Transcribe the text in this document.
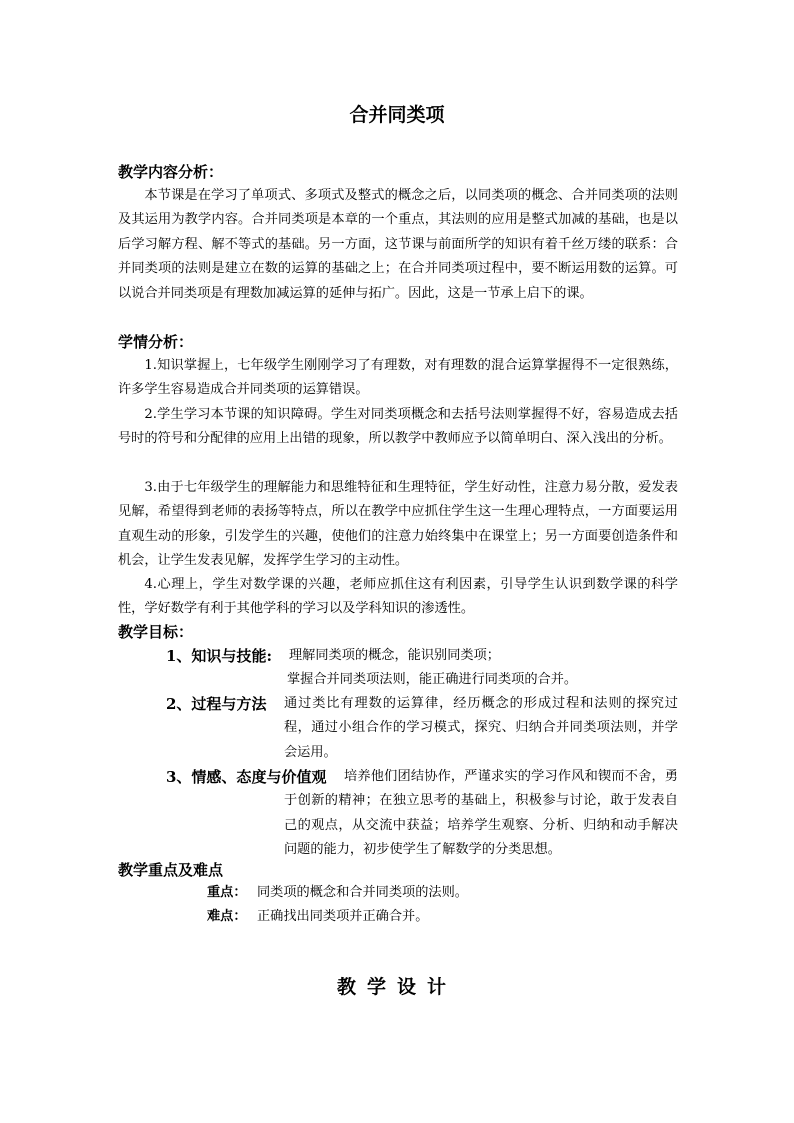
合并同类项
教学内容分析：

本节课是在学习了单项式、多项式及整式的概念之后，以同类项的概念、合并同类项的法则及其运用为教学内容。合并同类项是本章的一个重点，其法则的应用是整式加减的基础，也是以后学习解方程、解不等式的基础。另一方面，这节课与前面所学的知识有着千丝万缕的联系：合并同类项的法则是建立在数的运算的基础之上；在合并同类项过程中，要不断运用数的运算。可以说合并同类项是有理数加减运算的延伸与拓广。因此，这是一节承上启下的课。

学情分析：

1.知识掌握上，七年级学生刚刚学习了有理数，对有理数的混合运算掌握得不一定很熟练，许多学生容易造成合并同类项的运算错误。

2.学生学习本节课的知识障碍。学生对同类项概念和去括号法则掌握得不好，容易造成去括号时的符号和分配律的应用上出错的现象，所以教学中教师应予以简单明白、深入浅出的分析。

3.由于七年级学生的理解能力和思维特征和生理特征，学生好动性，注意力易分散，爱发表见解，希望得到老师的表扬等特点，所以在教学中应抓住学生这一生理心理特点，一方面要运用直观生动的形象，引发学生的兴趣，使他们的注意力始终集中在课堂上；另一方面要创造条件和机会，让学生发表见解，发挥学生学习的主动性。

4.心理上，学生对数学课的兴趣，老师应抓住这有利因素，引导学生认识到数学课的科学性，学好数学有利于其他学科的学习以及学科知识的渗透性。

教学目标：
1、知识与技能: 理解同类项的概念，能识别同类项；
掌握合并同类项法则，能正确进行同类项的合并。
2、过程与方法 通过类比有理数的运算律，经历概念的形成过程和法则的探究过程，通过小组合作的学习模式，探究、归纳合并同类项法则，并学会运用。

3、情感、态度与价值观	培养他们团结协作，严谨求实的学习作风和锲而不舍，勇于创新的精神；在独立思考的基础上，积极参与讨论，敢于发表自己的观点，从交流中获益；培养学生观察、分析、归纳和动手解决问题的能力，初步使学生了解数学的分类思想。

教学重点及难点
重点： 同类项的概念和合并同类项的法则。
难点： 正确找出同类项并正确合并。
教学设计
